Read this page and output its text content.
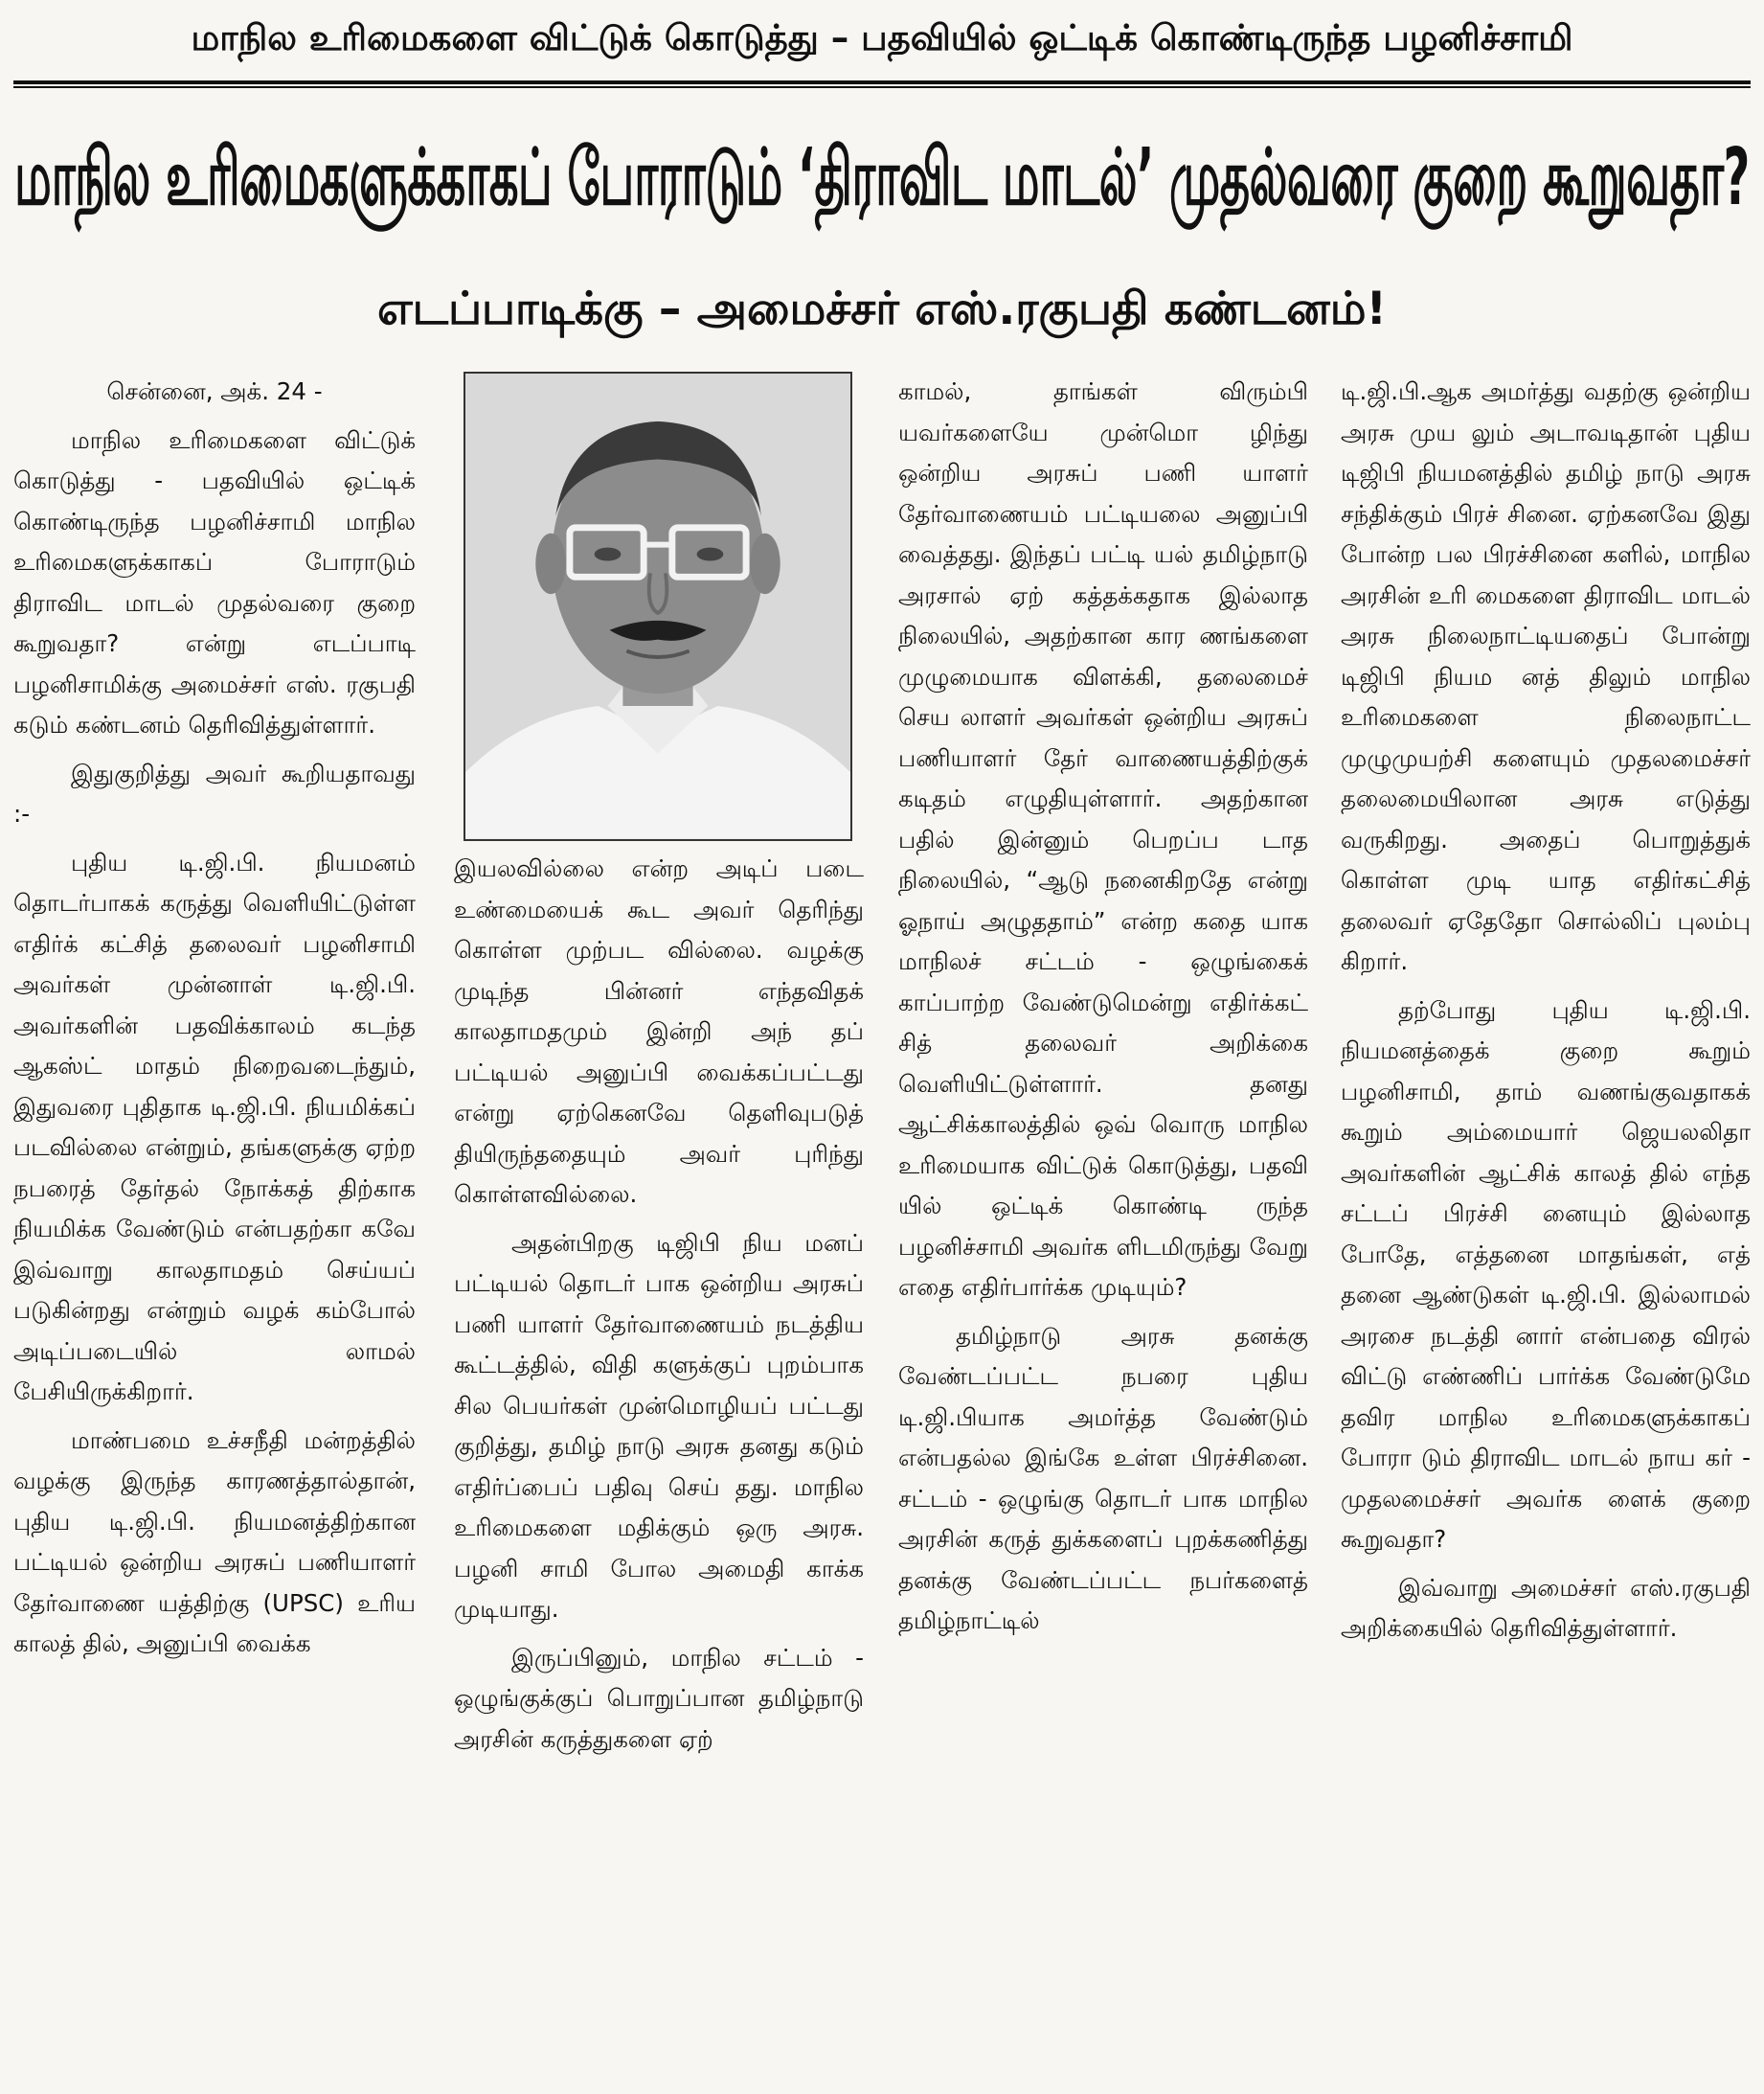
மாநில உரிமைகளை விட்டுக் கொடுத்து – பதவியில் ஒட்டிக் கொண்டிருந்த பழனிச்சாமி
மாநில உரிமைகளுக்காகப் போராடும் ‘திராவிட மாடல்’ முதல்வரை குறை கூறுவதா?
எடப்பாடிக்கு – அமைச்சர் எஸ்.ரகுபதி கண்டனம்!

சென்னை, அக். 24 -

மாநில உரிமைகளை விட்டுக் கொடுத்து - பதவியில் ஒட்டிக் கொண்டிருந்த பழனிச்சாமி மாநில உரிமைகளுக்காகப் போராடும் திராவிட மாடல் முதல்வரை குறை கூறுவதா? என்று எடப்பாடி பழனிசாமிக்கு அமைச்சர் எஸ். ரகுபதி கடும் கண்டனம் தெரிவித்துள்ளார்.

இதுகுறித்து அவர் கூறியதாவது :-

புதிய டி.ஜி.பி. நியமனம் தொடர்பாகக் கருத்து வெளியிட்டுள்ள எதிர்க் கட்சித் தலைவர் பழனிசாமி அவர்கள் முன்னாள் டி.ஜி.பி. அவர்களின் பதவிக்காலம் கடந்த ஆகஸ்ட் மாதம் நிறைவடைந்தும், இதுவரை புதிதாக டி.ஜி.பி. நியமிக்கப் படவில்லை என்றும், தங்களுக்கு ஏற்ற நபரைத் தேர்தல் நோக்கத் திற்காக நியமிக்க வேண்டும் என்பதற்கா கவே இவ்வாறு காலதாமதம் செய்யப் படுகின்றது என்றும் வழக் கம்போல் அடிப்படையில் லாமல் பேசியிருக்கிறார்.

மாண்பமை உச்சநீதி மன்றத்தில் வழக்கு இருந்த காரணத்தால்தான், புதிய டி.ஜி.பி. நியமனத்திற்கான பட்டியல் ஒன்றிய அரசுப் பணியாளர் தேர்வாணை யத்திற்கு (UPSC) உரிய காலத் தில், அனுப்பி வைக்க

இயலவில்லை என்ற அடிப் படை உண்மையைக் கூட அவர் தெரிந்து கொள்ள முற்பட வில்லை. வழக்கு முடிந்த பின்னர் எந்தவிதக் காலதாமதமும் இன்றி அந் தப் பட்டியல் அனுப்பி வைக்கப்பட்டது என்று ஏற்கெனவே தெளிவுபடுத் தியிருந்ததையும் அவர் புரிந்து கொள்ளவில்லை.

அதன்பிறகு டிஜிபி நிய மனப் பட்டியல் தொடர் பாக ஒன்றிய அரசுப் பணி யாளர் தேர்வாணையம் நடத்திய கூட்டத்தில், விதி களுக்குப் புறம்பாக சில பெயர்கள் முன்மொழியப் பட்டது குறித்து, தமிழ் நாடு அரசு தனது கடும் எதிர்ப்பைப் பதிவு செய் தது. மாநில உரிமைகளை மதிக்கும் ஒரு அரசு. பழனி சாமி போல அமைதி காக்க முடியாது.

இருப்பினும், மாநில சட்டம் - ஒழுங்குக்குப் பொறுப்பான தமிழ்நாடு அரசின் கருத்துகளை ஏற்

காமல், தாங்கள் விரும்பி யவர்களையே முன்மொ ழிந்து ஒன்றிய அரசுப் பணி யாளர் தேர்வாணையம் பட்டியலை அனுப்பி வைத்தது. இந்தப் பட்டி யல் தமிழ்நாடு அரசால் ஏற் கத்தக்கதாக இல்லாத நிலையில், அதற்கான கார ணங்களை முழுமையாக விளக்கி, தலைமைச் செய லாளர் அவர்கள் ஒன்றிய அரசுப் பணியாளர் தேர் வாணையத்திற்குக் கடிதம் எழுதியுள்ளார். அதற்கான பதில் இன்னும் பெறப்ப டாத நிலையில், “ஆடு நனைகிறதே என்று ஓநாய் அழுததாம்” என்ற கதை யாக மாநிலச் சட்டம் - ஒழுங்கைக் காப்பாற்ற வேண்டுமென்று எதிர்க்கட் சித் தலைவர் அறிக்கை வெளியிட்டுள்ளார். தனது ஆட்சிக்காலத்தில் ஒவ் வொரு மாநில உரிமையாக விட்டுக் கொடுத்து, பதவி யில் ஒட்டிக் கொண்டி ருந்த பழனிச்சாமி அவர்க ளிடமிருந்து வேறு எதை எதிர்பார்க்க முடியும்?

தமிழ்நாடு அரசு தனக்கு வேண்டப்பட்ட நபரை புதிய டி.ஜி.பியாக அமர்த்த வேண்டும் என்பதல்ல இங்கே உள்ள பிரச்சினை. சட்டம் - ஒழுங்கு தொடர் பாக மாநில அரசின் கருத் துக்களைப் புறக்கணித்து தனக்கு வேண்டப்பட்ட நபர்களைத் தமிழ்நாட்டில்

டி.ஜி.பி.ஆக அமர்த்து வதற்கு ஒன்றிய அரசு முய லும் அடாவடிதான் புதிய டிஜிபி நியமனத்தில் தமிழ் நாடு அரசு சந்திக்கும் பிரச் சினை. ஏற்கனவே இது போன்ற பல பிரச்சினை களில், மாநில அரசின் உரி மைகளை திராவிட மாடல் அரசு நிலைநாட்டியதைப் போன்று டிஜிபி நியம னத் திலும் மாநில உரிமைகளை நிலைநாட்ட முழுமுயற்சி களையும் முதலமைச்சர் தலைமையிலான அரசு எடுத்து வருகிறது. அதைப் பொறுத்துக் கொள்ள முடி யாத எதிர்கட்சித் தலைவர் ஏதேதோ சொல்லிப் புலம்பு கிறார்.

தற்போது புதிய டி.ஜி.பி. நியமனத்தைக் குறை கூறும் பழனிசாமி, தாம் வணங்குவதாகக் கூறும் அம்மையார் ஜெயலலிதா அவர்களின் ஆட்சிக் காலத் தில் எந்த சட்டப் பிரச்சி னையும் இல்லாத போதே, எத்தனை மாதங்கள், எத் தனை ஆண்டுகள் டி.ஜி.பி. இல்லாமல் அரசை நடத்தி னார் என்பதை விரல் விட்டு எண்ணிப் பார்க்க வேண்டுமே தவிர மாநில உரிமைகளுக்காகப் போரா டும் திராவிட மாடல் நாய கர் - முதலமைச்சர் அவர்க ளைக் குறை கூறுவதா?

இவ்வாறு அமைச்சர் எஸ்.ரகுபதி அறிக்கையில் தெரிவித்துள்ளார்.
